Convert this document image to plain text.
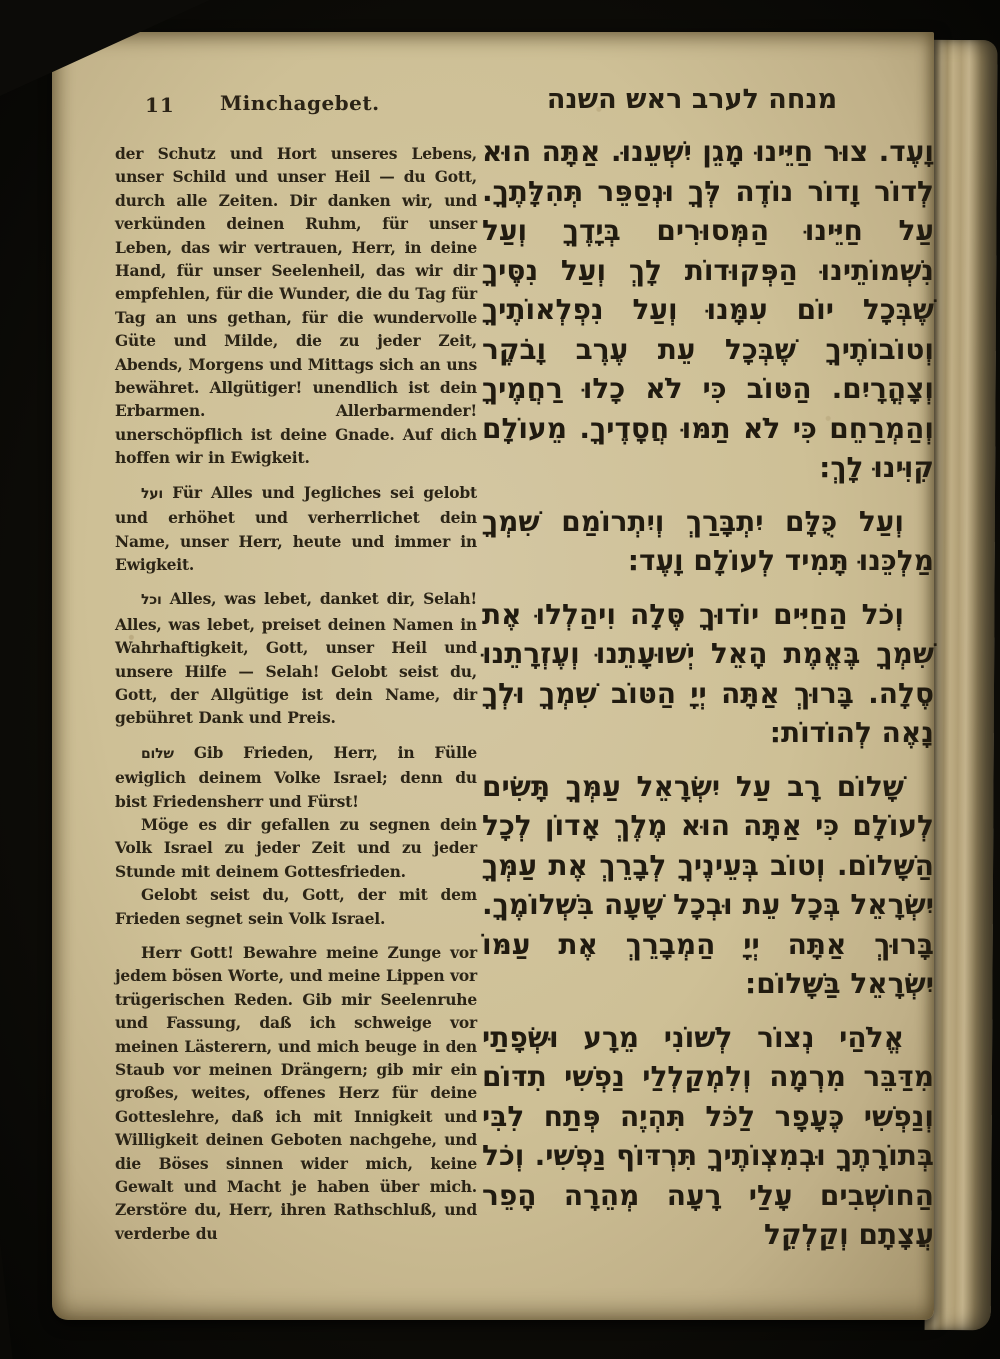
11 Minchagebet.	מנחה לערב ראש השנה

der Schutz und Hort unseres Lebens, unser Schild und unser Heil — du Gott, durch alle Zeiten. Dir danken wir, und verkünden deinen Ruhm, für unser Leben, das wir vertrauen, Herr, in deine Hand, für unser Seelenheil, das wir dir empfehlen, für die Wunder, die du Tag für Tag an uns gethan, für die wundervolle Güte und Milde, die zu jeder Zeit, Abends, Morgens und Mittags sich an uns bewähret. Allgütiger! unendlich ist dein Erbarmen. Allerbarmender! unerschöpflich ist deine Gnade. Auf dich hoffen wir in Ewigkeit.

ועל Für Alles und Jegliches sei gelobt und erhöhet und verherrlichet dein Name, unser Herr, heute und immer in Ewigkeit.

וכל Alles, was lebet, danket dir, Selah! Alles, was lebet, preiset deinen Namen in Wahrhaftigkeit, Gott, unser Heil und unsere Hilfe — Selah! Gelobt seist du, Gott, der Allgütige ist dein Name, dir gebühret Dank und Preis.

שלום Gib Frieden, Herr, in Fülle ewiglich deinem Volke Israel; denn du bist Friedensherr und Fürst!

Möge es dir gefallen zu segnen dein Volk Israel zu jeder Zeit und zu jeder Stunde mit deinem Gottesfrieden.

Gelobt seist du, Gott, der mit dem Frieden segnet sein Volk Israel.

Herr Gott! Bewahre meine Zunge vor jedem bösen Worte, und meine Lippen vor trügerischen Reden. Gib mir Seelenruhe und Fassung, daß ich schweige vor meinen Lästerern, und mich beuge in den Staub vor meinen Drängern; gib mir ein großes, weites, offenes Herz für deine Gotteslehre, daß ich mit Innigkeit und Willigkeit deinen Geboten nachgehe, und die Böses sinnen wider mich, keine Gewalt und Macht je haben über mich. Zerstöre du, Herr, ihren Rathschluß, und verderbe du

וָעֶד. צוּר חַיֵּינוּ מָגֵן יִשְׁעֵנוּ. אַתָּה הוּא לְדוֹר וָדוֹר נוֹדֶה לְּךָ וּנְסַפֵּר תְּהִלָּתֶךָ. עַל חַיֵּינוּ הַמְּסוּרִים בְּיָדֶךָ וְעַל נִשְׁמוֹתֵינוּ הַפְּקוּדוֹת לָךְ וְעַל נִסֶּיךָ שֶׁבְּכָל יוֹם עִמָּנוּ וְעַל נִפְלְאוֹתֶיךָ וְטוֹבוֹתֶיךָ שֶׁבְּכָל עֵת עֶרֶב וָבֹקֶר וְצָהֳרָיִם. הַטּוֹב כִּי לֹא כָלוּ רַחֲמֶיךָ וְהַמְרַחֵם כִּי לֹא תַמּוּ חֲסָדֶיךָ. מֵעוֹלָם קִוִּינוּ לָךְ:

וְעַל כֻּלָּם יִתְבָּרַךְ וְיִתְרוֹמַם שִׁמְךָ מַלְכֵּנוּ תָּמִיד לְעוֹלָם וָעֶד:

וְכֹל הַחַיִּים יוֹדוּךָ סֶּלָה וִיהַלְלוּ אֶת שִׁמְךָ בֶּאֱמֶת הָאֵל יְשׁוּעָתֵנוּ וְעֶזְרָתֵנוּ סֶלָה. בָּרוּךְ אַתָּה יְיָ הַטּוֹב שִׁמְךָ וּלְךָ נָאֶה לְהוֹדוֹת:

שָׁלוֹם רָב עַל יִשְׂרָאֵל עַמְּךָ תָּשִׂים לְעוֹלָם כִּי אַתָּה הוּא מֶלֶךְ אָדוֹן לְכָל הַשָּׁלוֹם. וְטוֹב בְּעֵינֶיךָ לְבָרֵךְ אֶת עַמְּךָ יִשְׂרָאֵל בְּכָל עֵת וּבְכָל שָׁעָה בִּשְׁלוֹמֶךָ. בָּרוּךְ אַתָּה יְיָ הַמְבָרֵךְ אֶת עַמּוֹ יִשְׂרָאֵל בַּשָּׁלוֹם:

אֱלֹהַי נְצוֹר לְשׁוֹנִי מֵרָע וּשְׂפָתַי מִדַּבֵּר מִרְמָה וְלִמְקַלְלַי נַפְשִׁי תִדּוֹם וְנַפְשִׁי כֶּעָפָר לַכֹּל תִּהְיֶה פְּתַח לִבִּי בְּתוֹרָתֶךָ וּבְמִצְוֹתֶיךָ תִּרְדּוֹף נַפְשִׁי. וְכֹל הַחוֹשְׁבִים עָלַי רָעָה מְהֵרָה הָפֵר עֲצָתָם וְקַלְקֵל
